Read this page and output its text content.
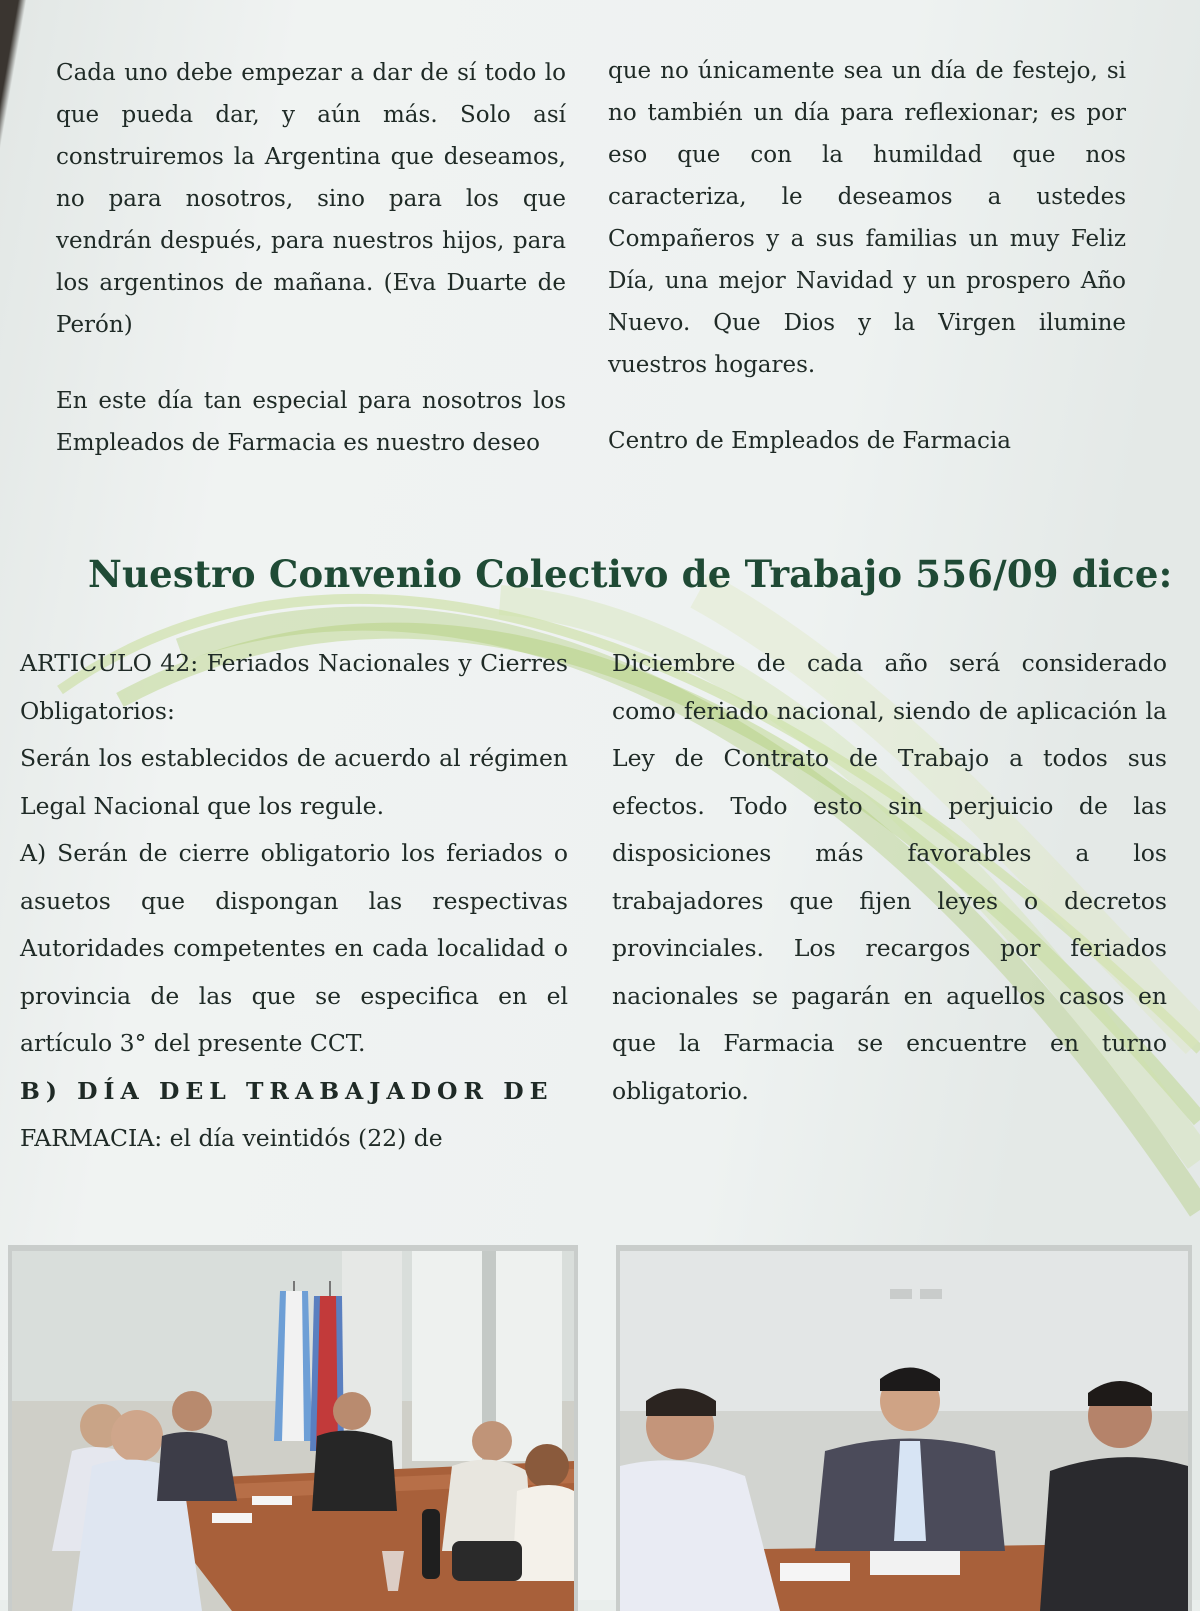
Cada uno debe empezar a dar de sí todo lo que pueda dar, y aún más. Solo así construiremos la Argentina que deseamos, no para nosotros, sino para los que vendrán después, para nuestros hijos, para los argentinos de mañana. (Eva Duarte de Perón)

En este día tan especial para nosotros los Empleados de Farmacia es nuestro deseo

que no únicamente sea un día de festejo, si no también un día para reflexionar; es por eso que con la humildad que nos caracteriza, le deseamos a ustedes Compañeros y a sus familias un muy Feliz Día, una mejor Navidad y un prospero Año Nuevo. Que Dios y la Virgen ilumine vuestros hogares.

Centro de Empleados de Farmacia

Nuestro Convenio Colectivo de Trabajo 556/09 dice:

ARTICULO 42: Feriados Nacionales y Cierres Obligatorios:

Serán los establecidos de acuerdo al régimen Legal Nacional que los regule.

A) Serán de cierre obligatorio los feriados o asuetos que dispongan las respectivas Autoridades competentes en cada localidad o provincia de las que se especifica en el artículo 3° del presente CCT.

B) DÍA DEL TRABAJADOR DE

FARMACIA: el día veintidós (22) de

Diciembre de cada año será considerado como feriado nacional, siendo de aplicación la Ley de Contrato de Trabajo a todos sus efectos. Todo esto sin perjuicio de las disposiciones más favorables a los trabajadores que fijen leyes o decretos provinciales. Los recargos por feriados nacionales se pagarán en aquellos casos en que la Farmacia se encuentre en turno obligatorio.
